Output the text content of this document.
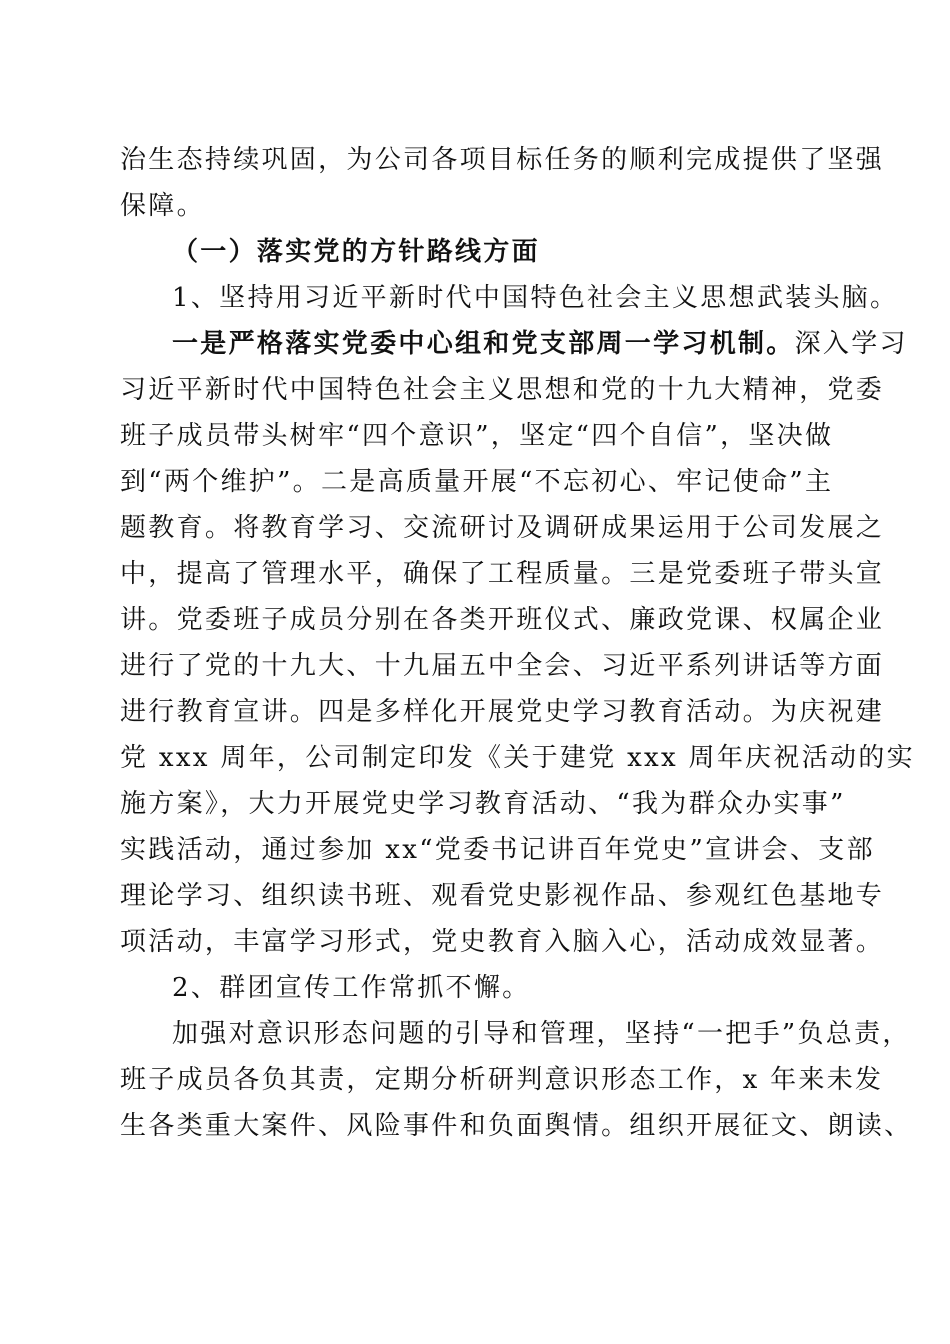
治生态持续巩固，为公司各项目标任务的顺利完成提供了坚强
保障。
（一）落实党的方针路线方面
1、坚持用习近平新时代中国特色社会主义思想武装头脑。
一是严格落实党委中心组和党支部周一学习机制。深入学习
习近平新时代中国特色社会主义思想和党的十九大精神，党委
班子成员带头树牢“四个意识”，坚定“四个自信”，坚决做
到“两个维护”。二是高质量开展“不忘初心、牢记使命”主
题教育。将教育学习、交流研讨及调研成果运用于公司发展之
中，提高了管理水平，确保了工程质量。三是党委班子带头宣
讲。党委班子成员分别在各类开班仪式、廉政党课、权属企业
进行了党的十九大、十九届五中全会、习近平系列讲话等方面
进行教育宣讲。四是多样化开展党史学习教育活动。为庆祝建
党 xxx 周年，公司制定印发《关于建党 xxx 周年庆祝活动的实
施方案》，大力开展党史学习教育活动、“我为群众办实事”
实践活动，通过参加 xx“党委书记讲百年党史”宣讲会、支部
理论学习、组织读书班、观看党史影视作品、参观红色基地专
项活动，丰富学习形式，党史教育入脑入心，活动成效显著。
2、群团宣传工作常抓不懈。
加强对意识形态问题的引导和管理，坚持“一把手”负总责，
班子成员各负其责，定期分析研判意识形态工作，x 年来未发
生各类重大案件、风险事件和负面舆情。组织开展征文、朗读、
